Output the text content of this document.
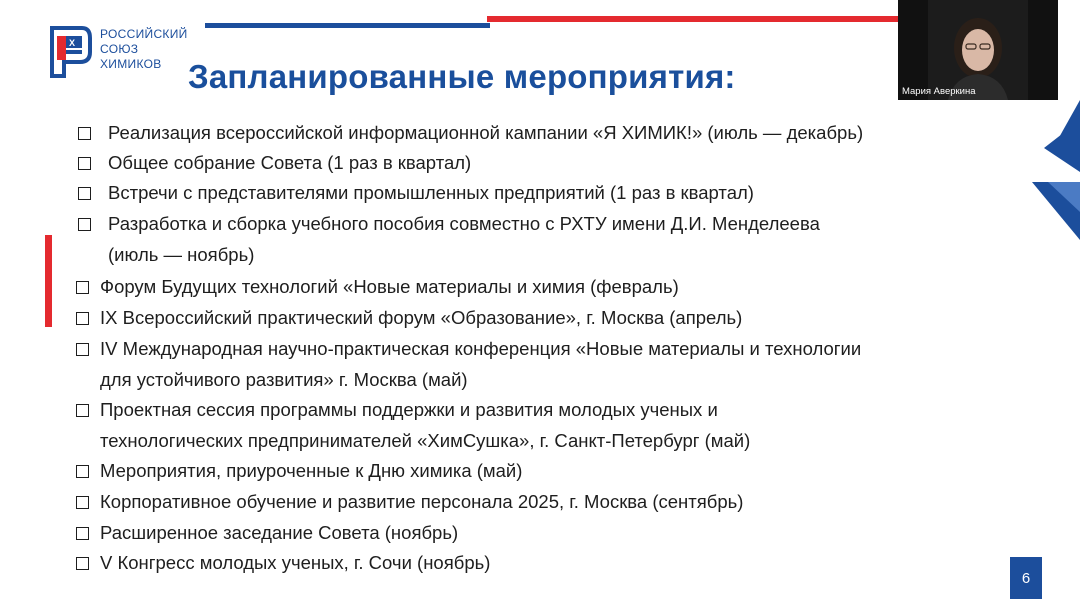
X
РОССИЙСКИЙ
СОЮЗ
ХИМИКОВ Запланированные мероприятия:	Мария Аверкина
Реализация всероссийской информационной кампании «Я ХИМИК!» (июль — декабрь)
Общее собрание Совета (1 раз в квартал)
Встречи с представителями промышленных предприятий (1 раз в квартал)
Разработка и сборка учебного пособия совместно с РХТУ имени Д.И. Менделеева
(июль — ноябрь)
Форум Будущих технологий «Новые материалы и химия (февраль)
IX Всероссийский практический форум «Образование», г. Москва (апрель)
IV Международная научно-практическая конференция «Новые материалы и технологии
для устойчивого развития» г. Москва (май)
Проектная сессия программы поддержки и развития молодых ученых и
технологических предпринимателей «ХимСушка», г. Санкт-Петербург (май)
Мероприятия, приуроченные к Дню химика (май)
Корпоративное обучение и развитие персонала 2025, г. Москва (сентябрь)
Расширенное заседание Совета (ноябрь)
V Конгресс молодых ученых, г. Сочи (ноябрь)
6
